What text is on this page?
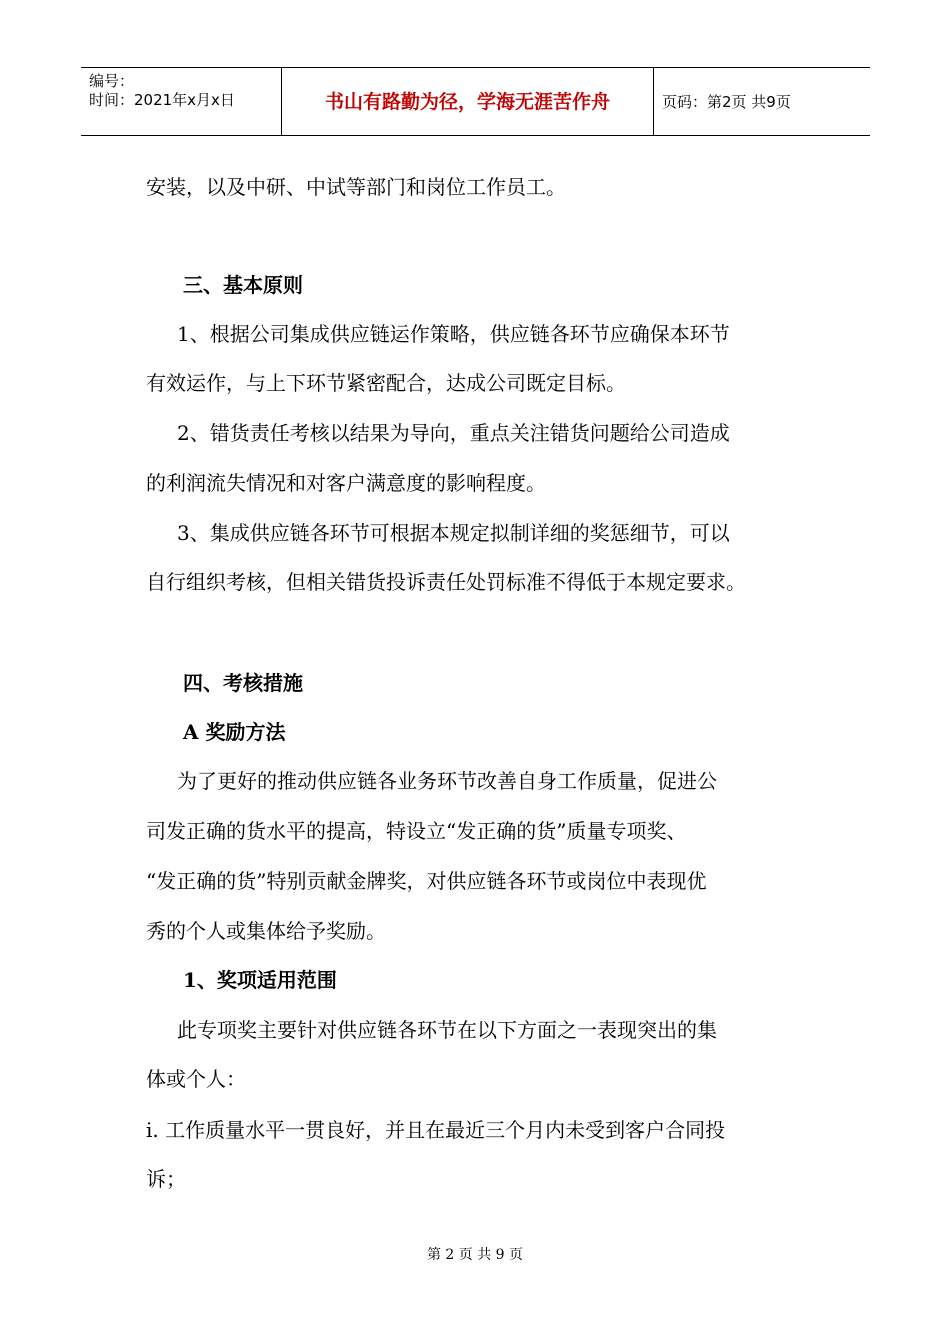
编号：
时间：2021年x月x日	书山有路勤为径，学海无涯苦作舟	页码：第2页 共9页
安装，以及中研、中试等部门和岗位工作员工。
三、基本原则
1、根据公司集成供应链运作策略，供应链各环节应确保本环节
有效运作，与上下环节紧密配合，达成公司既定目标。
2、错货责任考核以结果为导向，重点关注错货问题给公司造成
的利润流失情况和对客户满意度的影响程度。
3、集成供应链各环节可根据本规定拟制详细的奖惩细节，可以
自行组织考核，但相关错货投诉责任处罚标准不得低于本规定要求。
四、考核措施
A 奖励方法
为了更好的推动供应链各业务环节改善自身工作质量，促进公
司发正确的货水平的提高，特设立“发正确的货”质量专项奖、
“发正确的货”特别贡献金牌奖，对供应链各环节或岗位中表现优
秀的个人或集体给予奖励。
1、奖项适用范围
此专项奖主要针对供应链各环节在以下方面之一表现突出的集
体或个人：
i. 工作质量水平一贯良好，并且在最近三个月内未受到客户合同投
诉；
第 2 页 共 9 页
